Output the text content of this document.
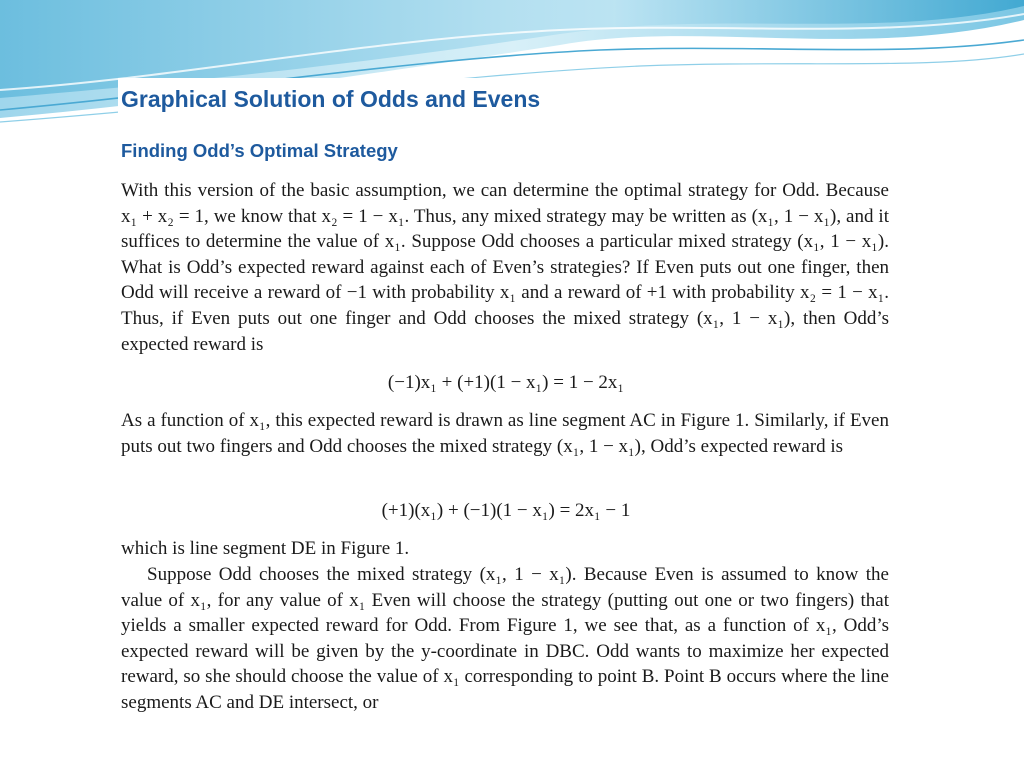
Graphical Solution of Odds and Evens
Finding Odd’s Optimal Strategy

With this version of the basic assumption, we can determine the optimal strategy for Odd. Because x₁ + x₂ = 1, we know that x₂ = 1 − x₁. Thus, any mixed strategy may be written as (x₁, 1 − x₁), and it suffices to determine the value of x₁. Suppose Odd chooses a particular mixed strategy (x₁, 1 − x₁). What is Odd’s expected reward against each of Even’s strategies? If Even puts out one finger, then Odd will receive a reward of −1 with probability x₁ and a reward of +1 with probability x₂ = 1 − x₁. Thus, if Even puts out one finger and Odd chooses the mixed strategy (x₁, 1 − x₁), then Odd’s expected reward is

(−1)x₁ + (+1)(1 − x₁) = 1 − 2x₁

As a function of x₁, this expected reward is drawn as line segment AC in Figure 1. Similarly, if Even puts out two fingers and Odd chooses the mixed strategy (x₁, 1 − x₁), Odd’s expected reward is

(+1)(x₁) + (−1)(1 − x₁) = 2x₁ − 1

which is line segment DE in Figure 1.

Suppose Odd chooses the mixed strategy (x₁, 1 − x₁). Because Even is assumed to know the value of x₁, for any value of x₁ Even will choose the strategy (putting out one or two fingers) that yields a smaller expected reward for Odd. From Figure 1, we see that, as a function of x₁, Odd’s expected reward will be given by the y-coordinate in DBC. Odd wants to maximize her expected reward, so she should choose the value of x₁ corresponding to point B. Point B occurs where the line segments AC and DE intersect, or
